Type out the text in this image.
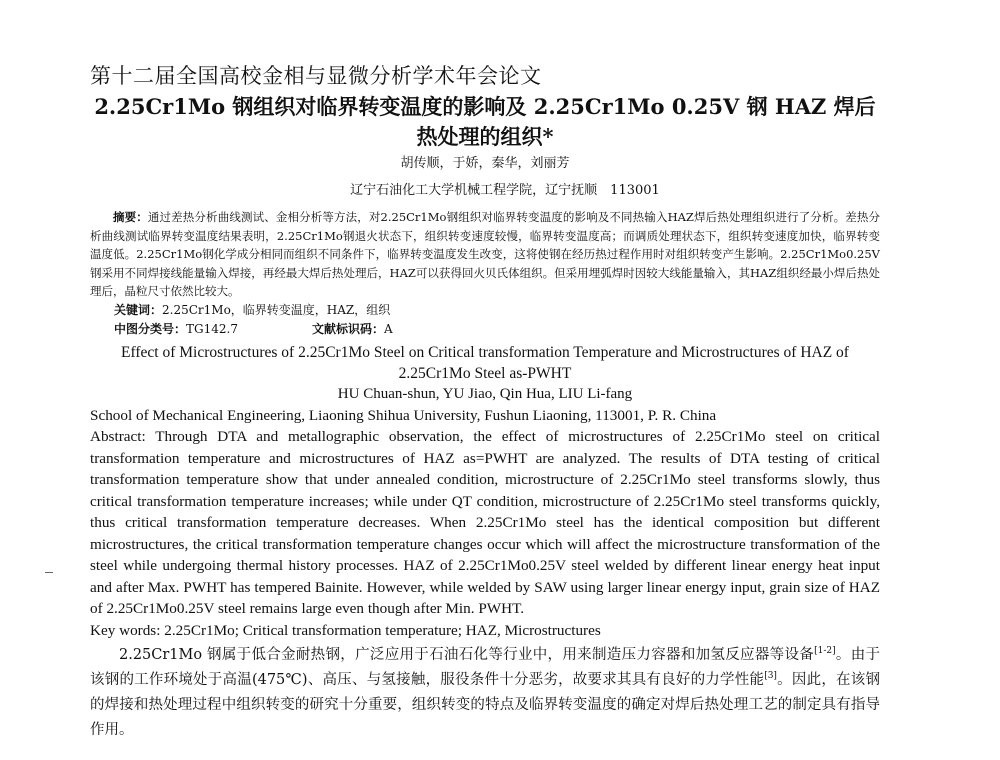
第十二届全国高校金相与显微分析学术年会论文
2.25Cr1Mo 钢组织对临界转变温度的影响及 2.25Cr1Mo 0.25V 钢 HAZ 焊后热处理的组织*
胡传顺，于娇，秦华，刘丽芳
辽宁石油化工大学机械工程学院，辽宁抚顺　113001
摘要：通过差热分析曲线测试、金相分析等方法，对2.25Cr1Mo钢组织对临界转变温度的影响及不同热输入HAZ焊后热处理组织进行了分析。差热分析曲线测试临界转变温度结果表明，2.25Cr1Mo钢退火状态下，组织转变速度较慢，临界转变温度高；而调质处理状态下，组织转变速度加快，临界转变温度低。2.25Cr1Mo钢化学成分相同而组织不同条件下，临界转变温度发生改变，这将使钢在经历热过程作用时对组织转变产生影响。2.25Cr1Mo0.25V钢采用不同焊接线能量输入焊接，再经最大焊后热处理后，HAZ可以获得回火贝氏体组织。但采用埋弧焊时因较大线能量输入，其HAZ组织经最小焊后热处理后，晶粒尺寸依然比较大。
关键词：2.25Cr1Mo，临界转变温度，HAZ，组织
中图分类号：TG142.7	文献标识码：A
Effect of Microstructures of 2.25Cr1Mo Steel on Critical transformation Temperature and Microstructures of HAZ of 2.25Cr1Mo Steel as-PWHT
HU Chuan-shun, YU Jiao, Qin Hua, LIU Li-fang
School of Mechanical Engineering, Liaoning Shihua University, Fushun Liaoning, 113001, P. R. China
Abstract: Through DTA and metallographic observation, the effect of microstructures of 2.25Cr1Mo steel on critical transformation temperature and microstructures of HAZ as=PWHT are analyzed. The results of DTA testing of critical transformation temperature show that under annealed condition, microstructure of 2.25Cr1Mo steel transforms slowly, thus critical transformation temperature increases; while under QT condition, microstructure of 2.25Cr1Mo steel transforms quickly, thus critical transformation temperature decreases. When 2.25Cr1Mo steel has the identical composition but different microstructures, the critical transformation temperature changes occur which will affect the microstructure transformation of the steel while undergoing thermal history processes. HAZ of 2.25Cr1Mo0.25V steel welded by different linear energy heat input and after Max. PWHT has tempered Bainite. However, while welded by SAW using larger linear energy input, grain size of HAZ of 2.25Cr1Mo0.25V steel remains large even though after Min. PWHT.
Key words: 2.25Cr1Mo; Critical transformation temperature; HAZ, Microstructures
2.25Cr1Mo 钢属于低合金耐热钢，广泛应用于石油石化等行业中，用来制造压力容器和加氢反应器等设备[1-2]。由于该钢的工作环境处于高温(475℃)、高压、与氢接触，服役条件十分恶劣，故要求其具有良好的力学性能[3]。因此，在该钢的焊接和热处理过程中组织转变的研究十分重要，组织转变的特点及临界转变温度的确定对焊后热处理工艺的制定具有指导作用。
